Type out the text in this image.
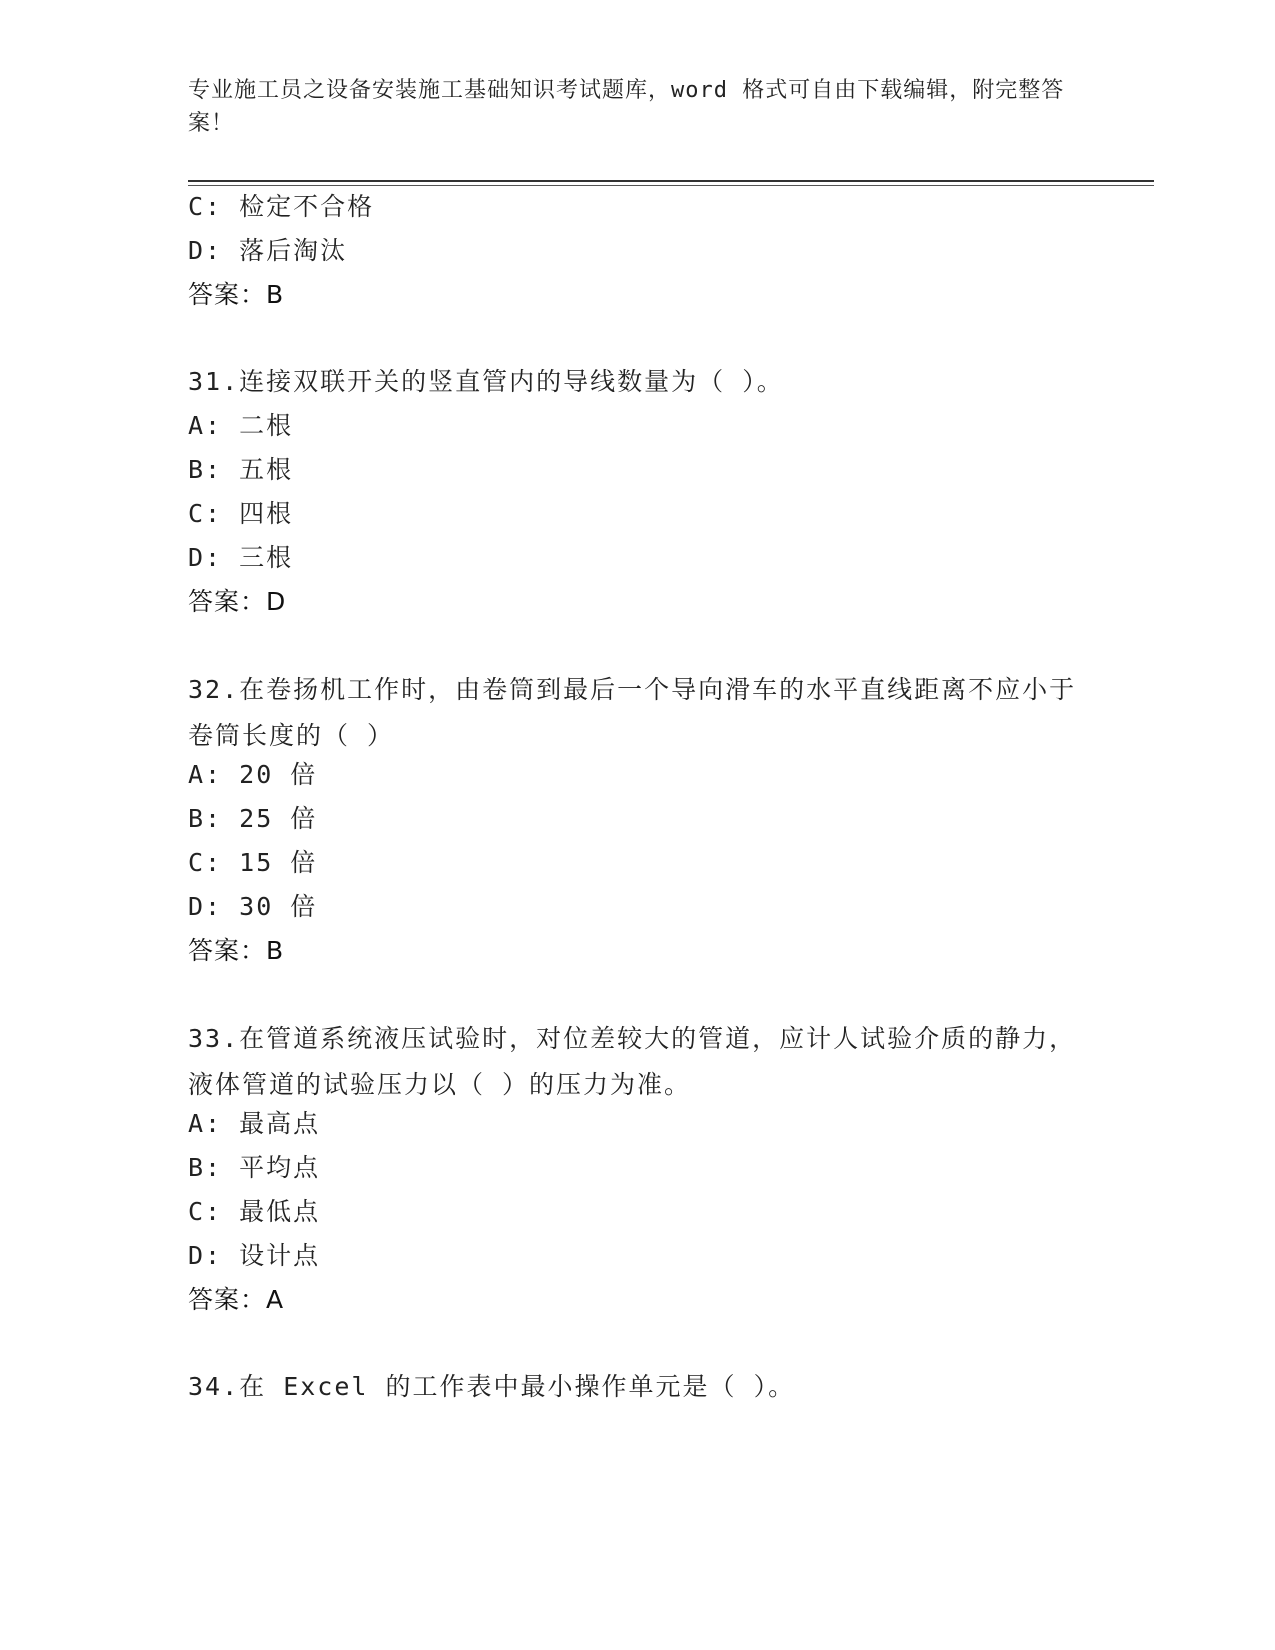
专业施工员之设备安装施工基础知识考试题库，word 格式可自由下载编辑，附完整答案！
C: 检定不合格
D: 落后淘汰
答案：B
31.连接双联开关的竖直管内的导线数量为（ ）。
A: 二根
B: 五根
C: 四根
D: 三根
答案：D
32.在卷扬机工作时，由卷筒到最后一个导向滑车的水平直线距离不应小于卷筒长度的（ ）
A: 20 倍
B: 25 倍
C: 15 倍
D: 30 倍
答案：B
33.在管道系统液压试验时，对位差较大的管道，应计人试验介质的静力，液体管道的试验压力以（ ）的压力为准。
A: 最高点
B: 平均点
C: 最低点
D: 设计点
答案：A
34.在 Excel 的工作表中最小操作单元是（ ）。
